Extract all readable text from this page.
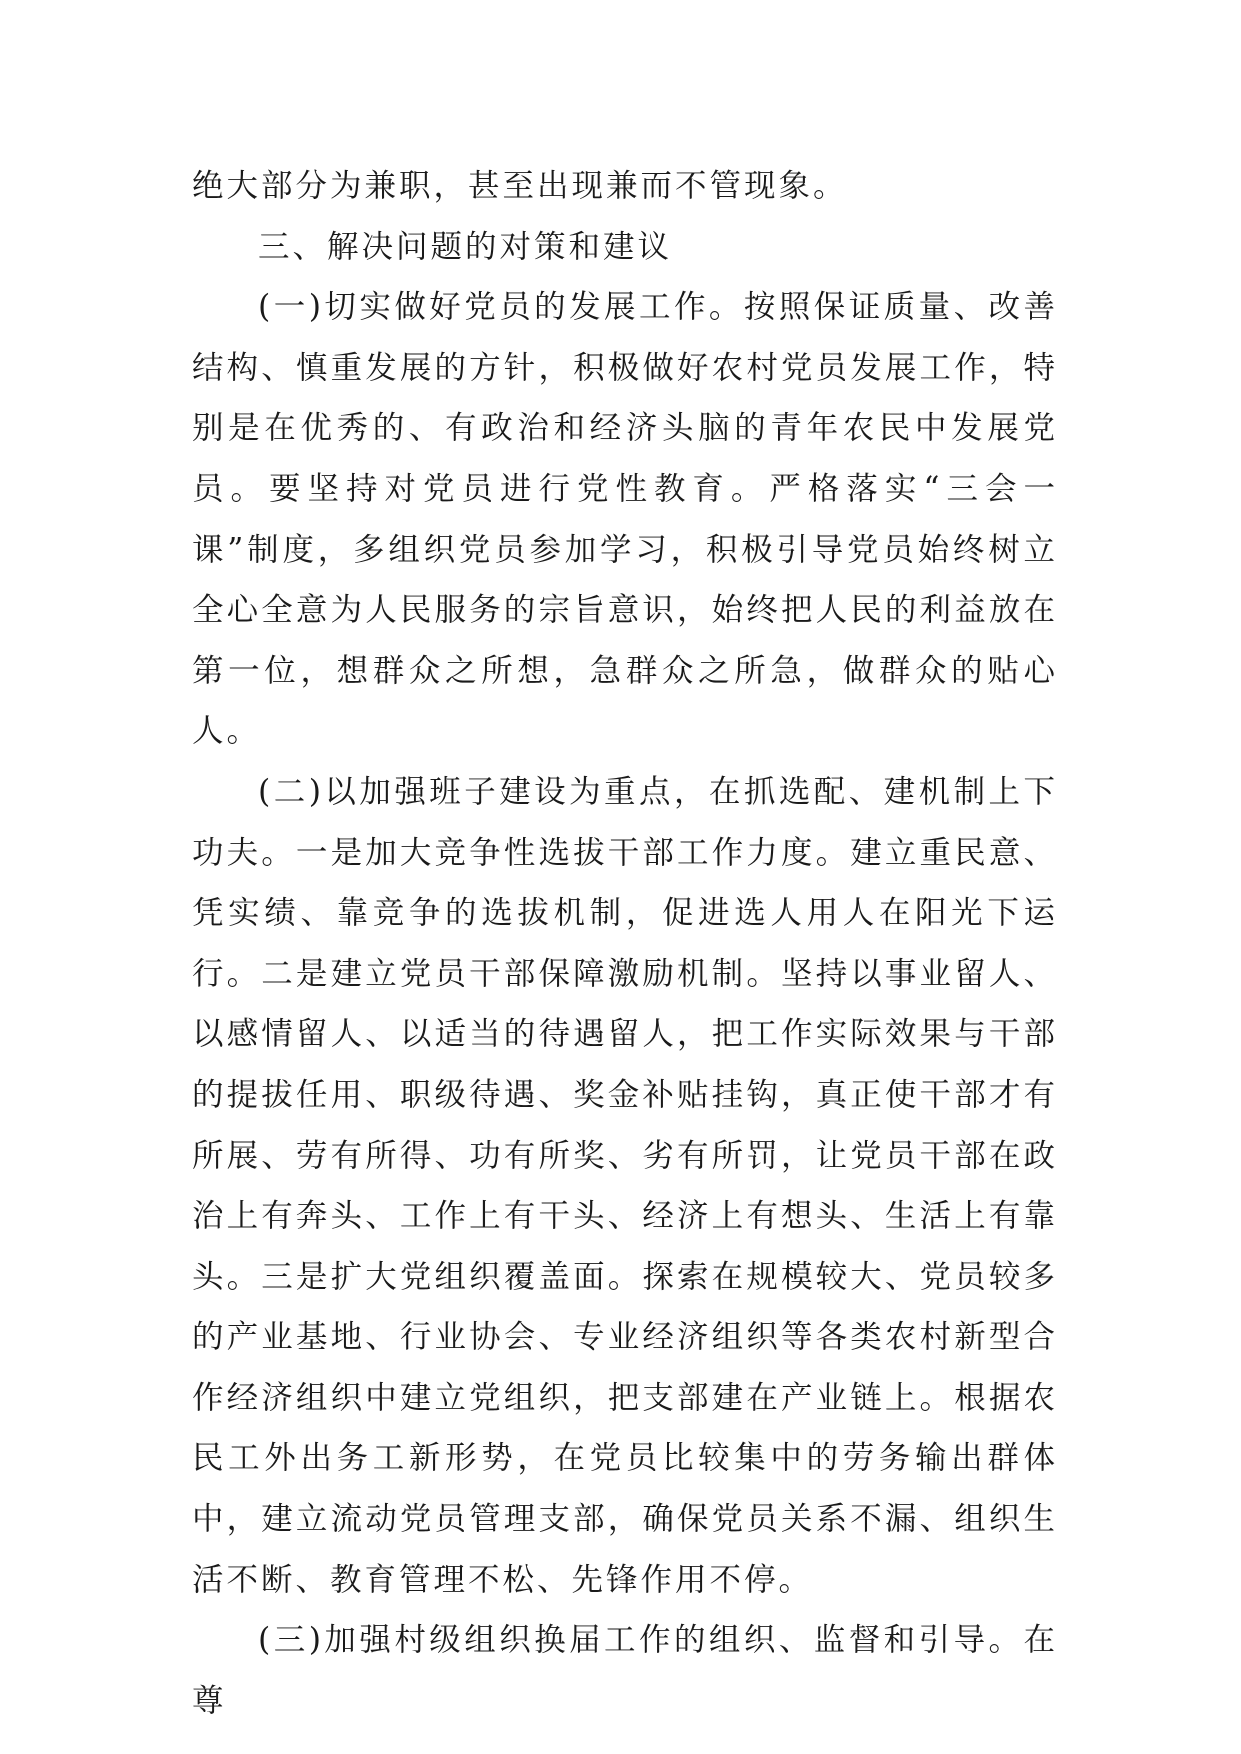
绝大部分为兼职，甚至出现兼而不管现象。

三、解决问题的对策和建议

(一)切实做好党员的发展工作。按照保证质量、改善结构、慎重发展的方针，积极做好农村党员发展工作，特别是在优秀的、有政治和经济头脑的青年农民中发展党员。要坚持对党员进行党性教育。严格落实“三会一课”制度，多组织党员参加学习，积极引导党员始终树立全心全意为人民服务的宗旨意识，始终把人民的利益放在第一位，想群众之所想，急群众之所急，做群众的贴心人。

(二)以加强班子建设为重点，在抓选配、建机制上下功夫。一是加大竞争性选拔干部工作力度。建立重民意、凭实绩、靠竞争的选拔机制，促进选人用人在阳光下运行。二是建立党员干部保障激励机制。坚持以事业留人、以感情留人、以适当的待遇留人，把工作实际效果与干部的提拔任用、职级待遇、奖金补贴挂钩，真正使干部才有所展、劳有所得、功有所奖、劣有所罚，让党员干部在政治上有奔头、工作上有干头、经济上有想头、生活上有靠头。三是扩大党组织覆盖面。探索在规模较大、党员较多的产业基地、行业协会、专业经济组织等各类农村新型合作经济组织中建立党组织，把支部建在产业链上。根据农民工外出务工新形势，在党员比较集中的劳务输出群体中，建立流动党员管理支部，确保党员关系不漏、组织生活不断、教育管理不松、先锋作用不停。

(三)加强村级组织换届工作的组织、监督和引导。在尊
